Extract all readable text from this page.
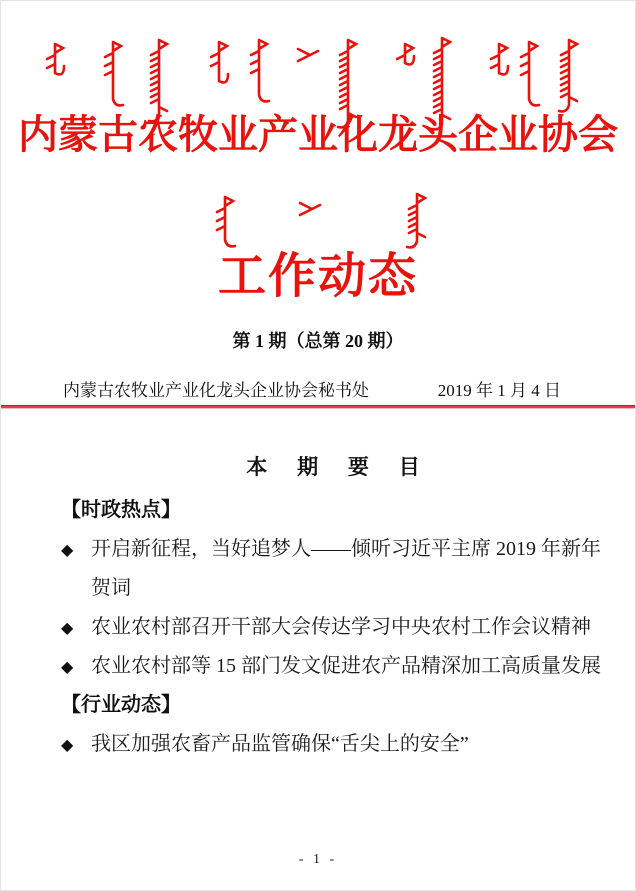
内蒙古农牧业产业化龙头企业协会
工作动态
第 1 期（总第 20 期）
内蒙古农牧业产业化龙头企业协会秘书处	2019 年 1 月 4 日
本 期 要 目
【时政热点】
◆ 开启新征程，当好追梦人——倾听习近平主席 2019 年新年贺词
◆ 农业农村部召开干部大会传达学习中央农村工作会议精神
◆ 农业农村部等 15 部门发文促进农产品精深加工高质量发展
【行业动态】
◆ 我区加强农畜产品监管确保“舌尖上的安全”
- 1 -
